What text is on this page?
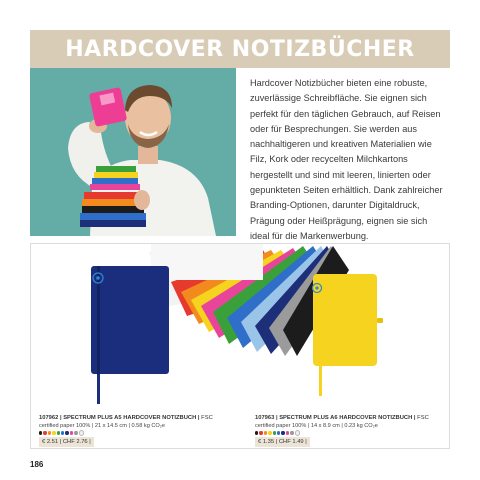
HARDCOVER NOTIZBÜCHER
Hardcover Notizbücher bieten eine robuste, zuverlässige Schreibfläche. Sie eignen sich perfekt für den täglichen Gebrauch, auf Reisen oder für Besprechungen. Sie werden aus nachhaltigeren und kreativen Materialien wie Filz, Kork oder recycelten Milchkartons hergestellt und sind mit leeren, linierten oder gepunkteten Seiten erhältlich. Dank zahlreicher Branding-Optionen, darunter Digitaldruck, Prägung oder Heißprägung, eignen sie sich ideal für die Markenwerbung.
107962 | SPECTRUM PLUS A5 HARDCOVER NOTIZBUCH | FSC
certified paper 100% | 21 x 14.5 cm | 0.58 kg CO₂e
€ 2.51 | CHF 2.76 |
107963 | SPECTRUM PLUS A6 HARDCOVER NOTIZBUCH | FSC
certified paper 100% | 14 x 8.9 cm | 0.23 kg CO₂e
€ 1.35 | CHF 1.49 |
186
